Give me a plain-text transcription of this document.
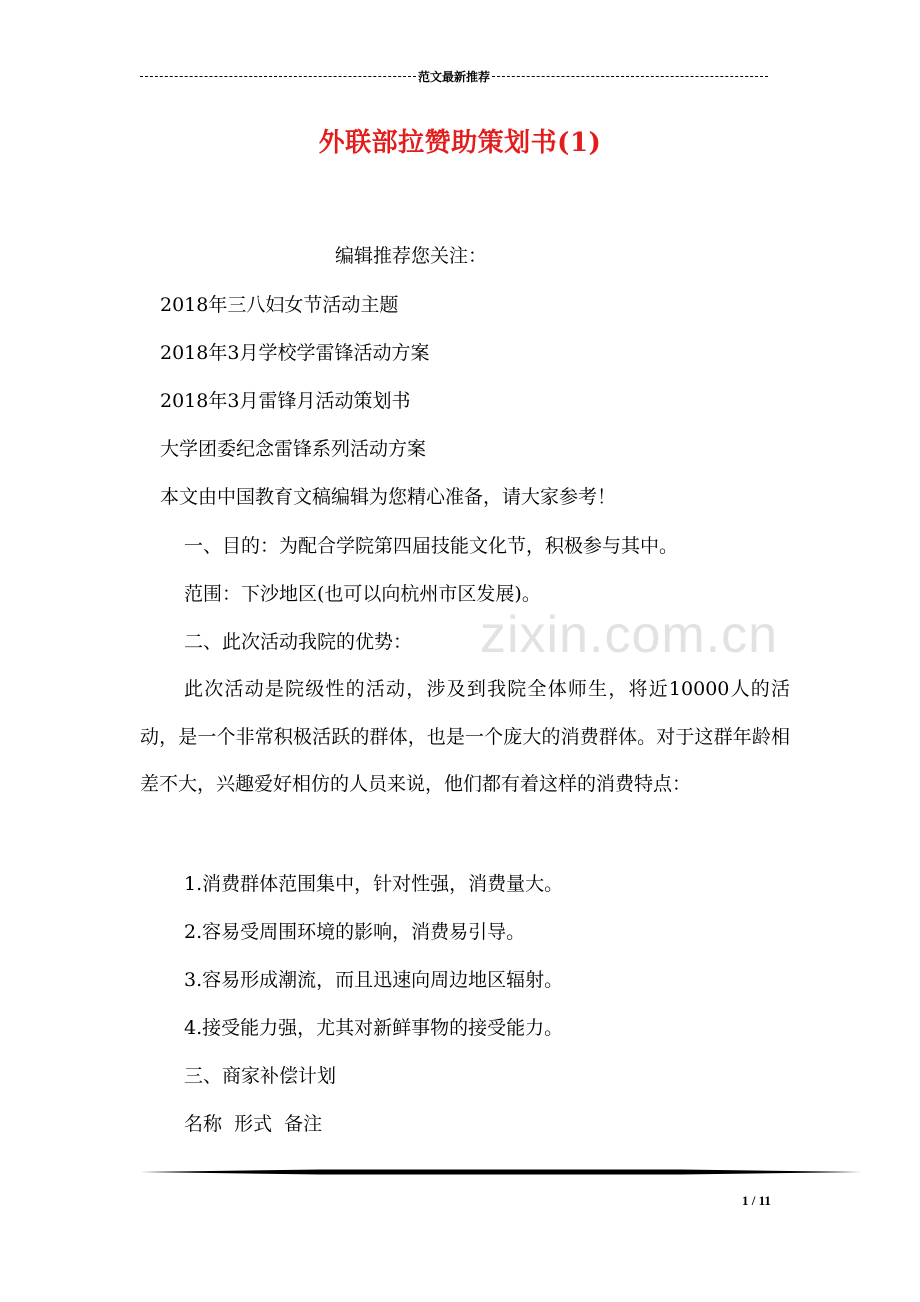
范文最新推荐
外联部拉赞助策划书(1)
编辑推荐您关注：
2018年三八妇女节活动主题
2018年3月学校学雷锋活动方案
2018年3月雷锋月活动策划书
大学团委纪念雷锋系列活动方案
本文由中国教育文稿编辑为您精心准备，请大家参考！
一、目的：为配合学院第四届技能文化节，积极参与其中。
范围：下沙地区(也可以向杭州市区发展)。
二、此次活动我院的优势：
此次活动是院级性的活动，涉及到我院全体师生，将近10000人的活动，是一个非常积极活跃的群体，也是一个庞大的消费群体。对于这群年龄相差不大，兴趣爱好相仿的人员来说，他们都有着这样的消费特点：
1.消费群体范围集中，针对性强，消费量大。
2.容易受周围环境的影响，消费易引导。
3.容易形成潮流，而且迅速向周边地区辐射。
4.接受能力强，尤其对新鲜事物的接受能力。
三、商家补偿计划
名称  形式  备注
zixin.com.cn
1 / 11
